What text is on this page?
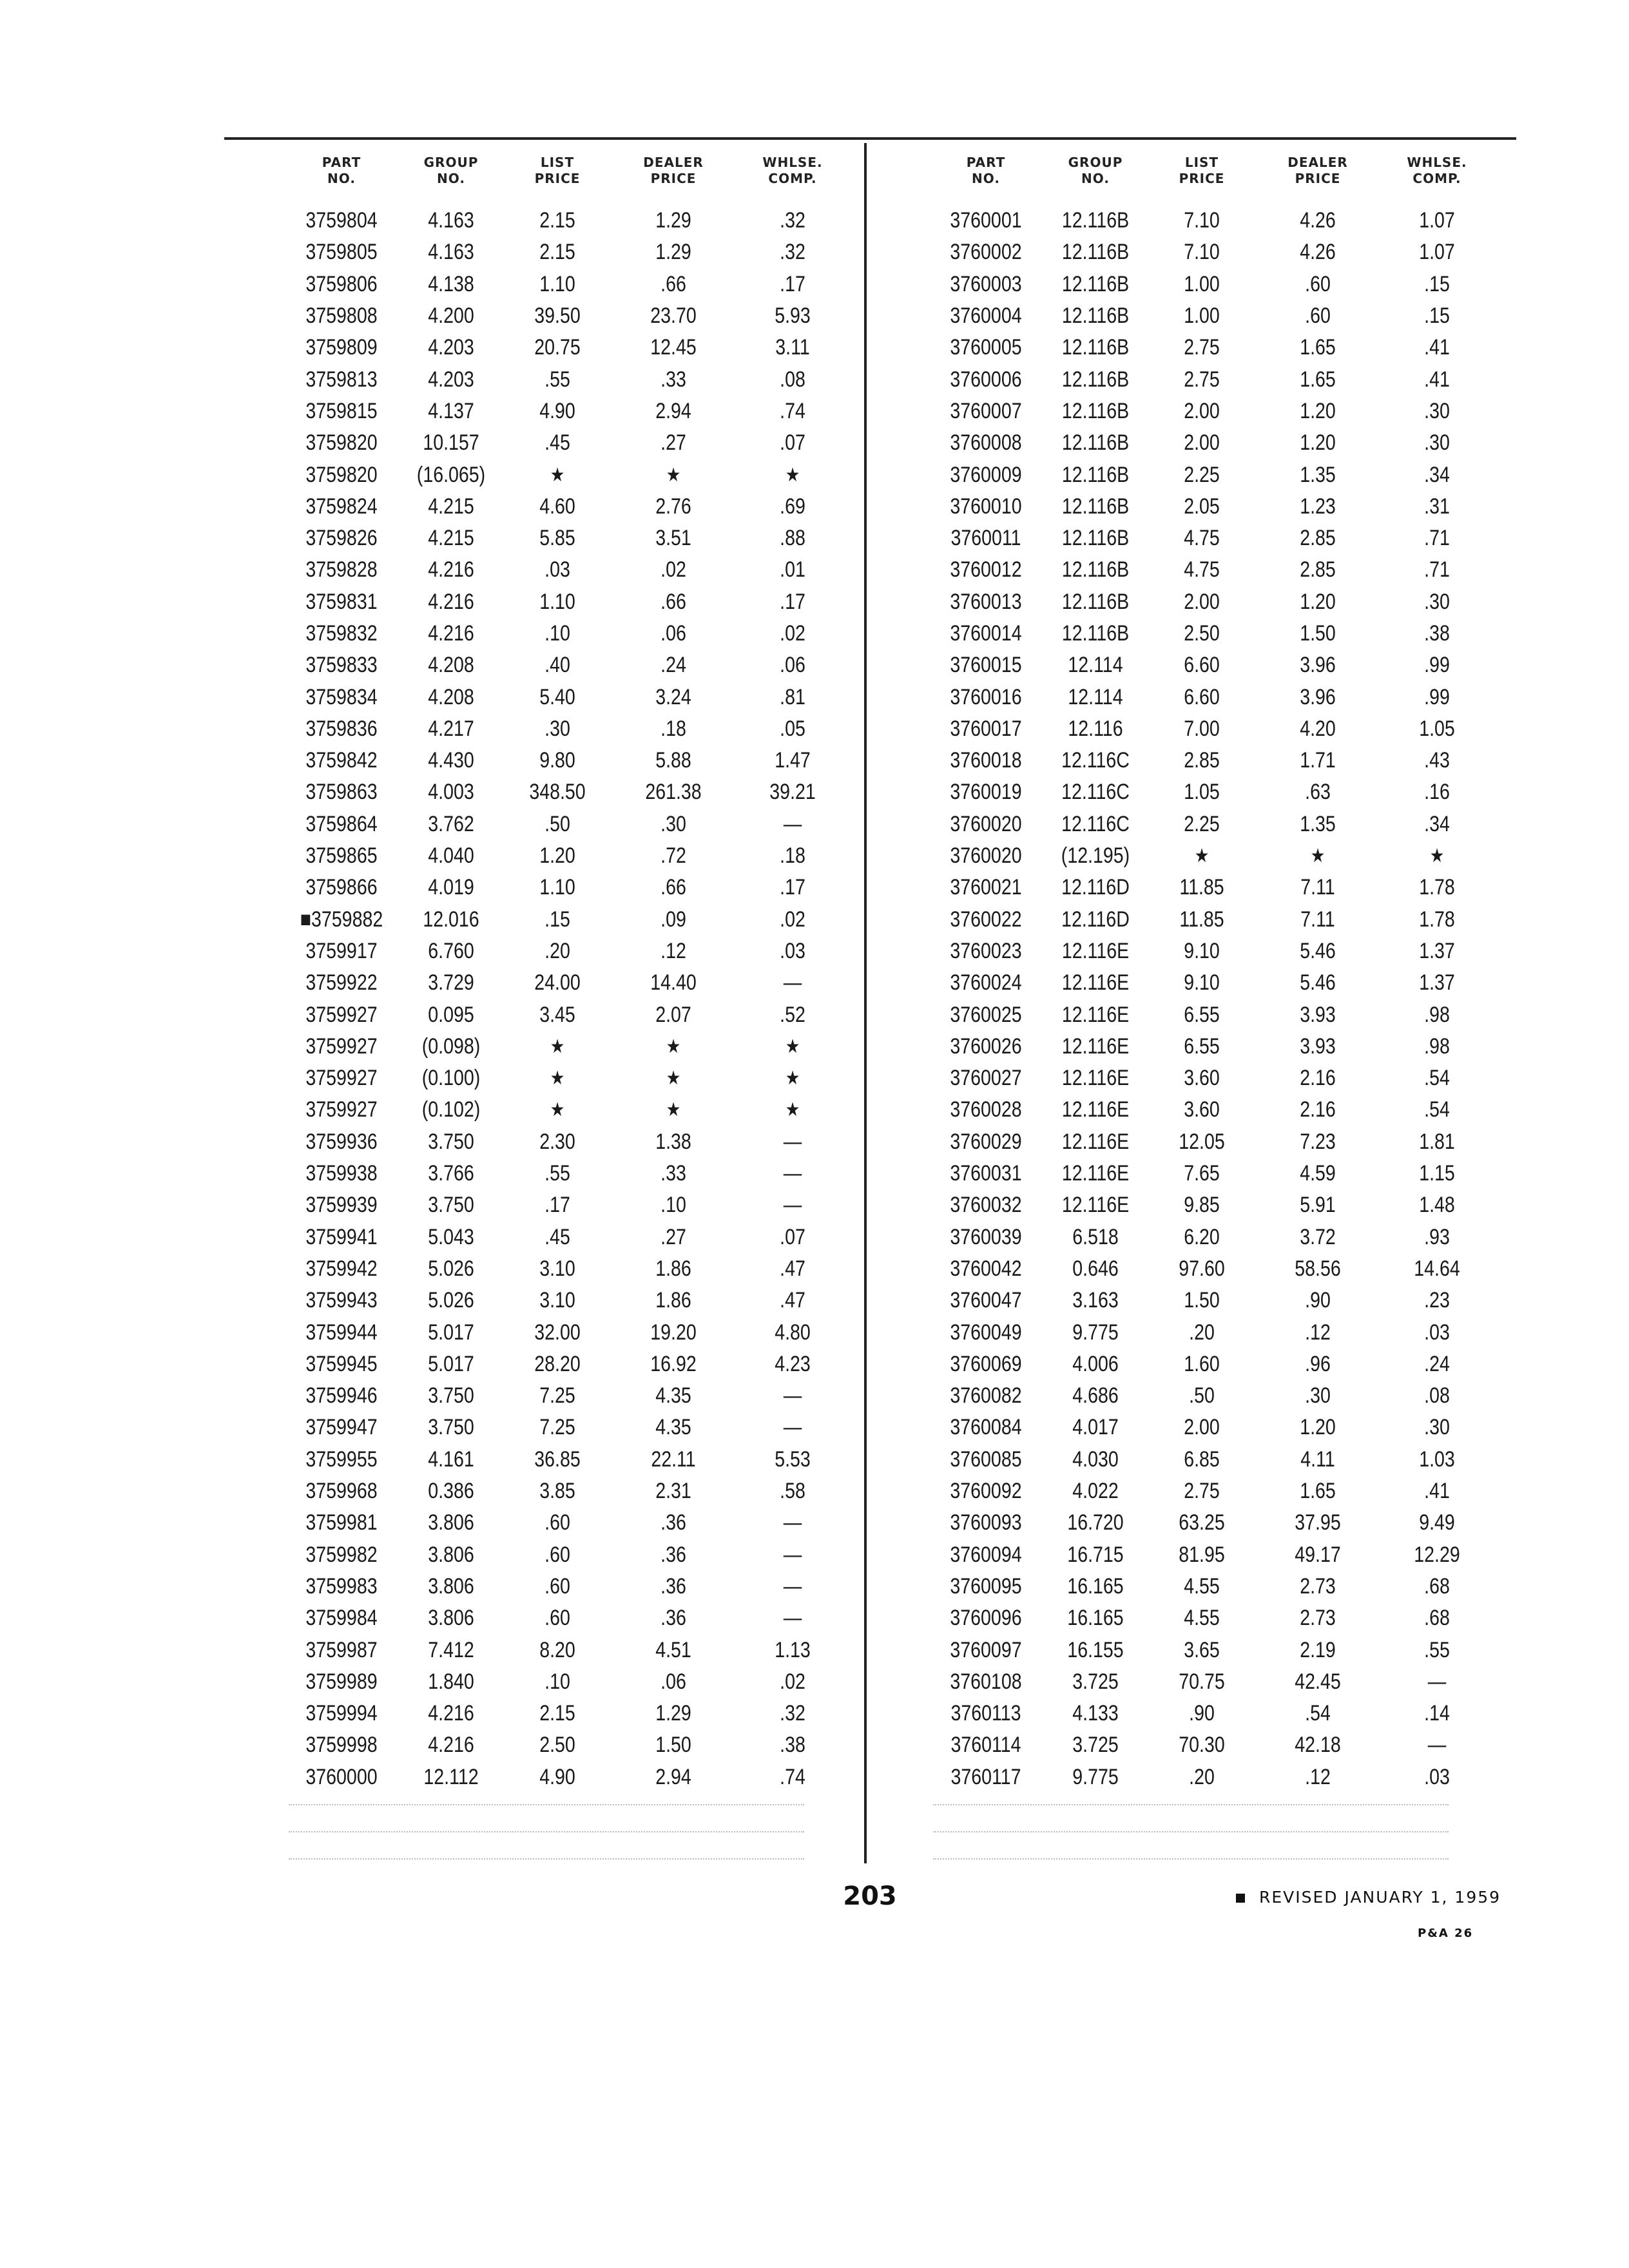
PART
NO.
GROUP
NO.
LIST
PRICE
DEALER
PRICE
WHLSE.
COMP.
3759804	4.163	2.15	1.29	.32
3759805	4.163	2.15	1.29	.32
3759806	4.138	1.10	.66	.17
3759808	4.200	39.50	23.70	5.93
3759809	4.203	20.75	12.45	3.11
3759813	4.203	.55	.33	.08
3759815	4.137	4.90	2.94	.74
3759820	10.157	.45	.27	.07
3759820	(16.065)	★	★	★
3759824	4.215	4.60	2.76	.69
3759826	4.215	5.85	3.51	.88
3759828	4.216	.03	.02	.01
3759831	4.216	1.10	.66	.17
3759832	4.216	.10	.06	.02
3759833	4.208	.40	.24	.06
3759834	4.208	5.40	3.24	.81
3759836	4.217	.30	.18	.05
3759842	4.430	9.80	5.88	1.47
3759863	4.003	348.50	261.38	39.21
3759864	3.762	.50	.30	—
3759865	4.040	1.20	.72	.18
3759866	4.019	1.10	.66	.17
■3759882	12.016	.15	.09	.02
3759917	6.760	.20	.12	.03
3759922	3.729	24.00	14.40	—
3759927	0.095	3.45	2.07	.52
3759927	(0.098)	★	★	★
3759927	(0.100)	★	★	★
3759927	(0.102)	★	★	★
3759936	3.750	2.30	1.38	—
3759938	3.766	.55	.33	—
3759939	3.750	.17	.10	—
3759941	5.043	.45	.27	.07
3759942	5.026	3.10	1.86	.47
3759943	5.026	3.10	1.86	.47
3759944	5.017	32.00	19.20	4.80
3759945	5.017	28.20	16.92	4.23
3759946	3.750	7.25	4.35	—
3759947	3.750	7.25	4.35	—
3759955	4.161	36.85	22.11	5.53
3759968	0.386	3.85	2.31	.58
3759981	3.806	.60	.36	—
3759982	3.806	.60	.36	—
3759983	3.806	.60	.36	—
3759984	3.806	.60	.36	—
3759987	7.412	8.20	4.51	1.13
3759989	1.840	.10	.06	.02
3759994	4.216	2.15	1.29	.32
3759998	4.216	2.50	1.50	.38
3760000	12.112	4.90	2.94	.74
PART
NO.
GROUP
NO.
LIST
PRICE
DEALER
PRICE
WHLSE.
COMP.
3760001	12.116B	7.10	4.26	1.07
3760002	12.116B	7.10	4.26	1.07
3760003	12.116B	1.00	.60	.15
3760004	12.116B	1.00	.60	.15
3760005	12.116B	2.75	1.65	.41
3760006	12.116B	2.75	1.65	.41
3760007	12.116B	2.00	1.20	.30
3760008	12.116B	2.00	1.20	.30
3760009	12.116B	2.25	1.35	.34
3760010	12.116B	2.05	1.23	.31
3760011	12.116B	4.75	2.85	.71
3760012	12.116B	4.75	2.85	.71
3760013	12.116B	2.00	1.20	.30
3760014	12.116B	2.50	1.50	.38
3760015	12.114	6.60	3.96	.99
3760016	12.114	6.60	3.96	.99
3760017	12.116	7.00	4.20	1.05
3760018	12.116C	2.85	1.71	.43
3760019	12.116C	1.05	.63	.16
3760020	12.116C	2.25	1.35	.34
3760020	(12.195)	★	★	★
3760021	12.116D	11.85	7.11	1.78
3760022	12.116D	11.85	7.11	1.78
3760023	12.116E	9.10	5.46	1.37
3760024	12.116E	9.10	5.46	1.37
3760025	12.116E	6.55	3.93	.98
3760026	12.116E	6.55	3.93	.98
3760027	12.116E	3.60	2.16	.54
3760028	12.116E	3.60	2.16	.54
3760029	12.116E	12.05	7.23	1.81
3760031	12.116E	7.65	4.59	1.15
3760032	12.116E	9.85	5.91	1.48
3760039	6.518	6.20	3.72	.93
3760042	0.646	97.60	58.56	14.64
3760047	3.163	1.50	.90	.23
3760049	9.775	.20	.12	.03
3760069	4.006	1.60	.96	.24
3760082	4.686	.50	.30	.08
3760084	4.017	2.00	1.20	.30
3760085	4.030	6.85	4.11	1.03
3760092	4.022	2.75	1.65	.41
3760093	16.720	63.25	37.95	9.49
3760094	16.715	81.95	49.17	12.29
3760095	16.165	4.55	2.73	.68
3760096	16.165	4.55	2.73	.68
3760097	16.155	3.65	2.19	.55
3760108	3.725	70.75	42.45	—
3760113	4.133	.90	.54	.14
3760114	3.725	70.30	42.18	—
3760117	9.775	.20	.12	.03
203	REVISED JANUARY 1, 1959
P&A 26
